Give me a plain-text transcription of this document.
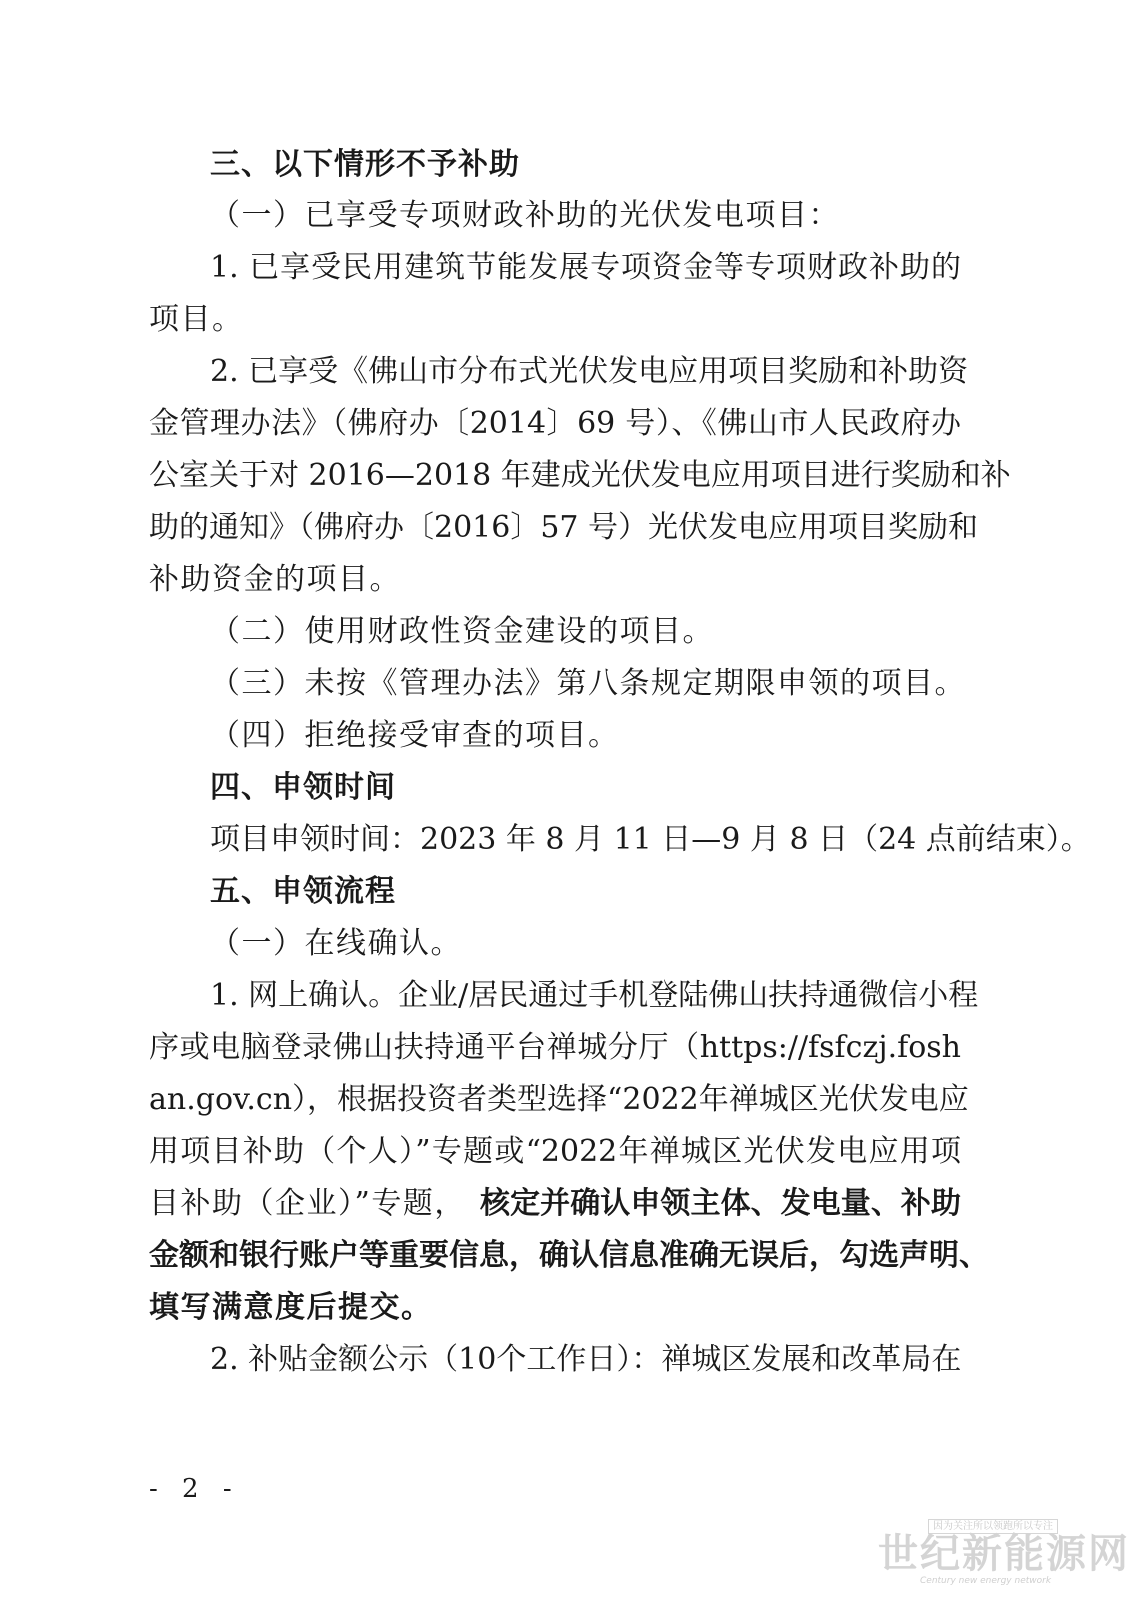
三、以下情形不予补助
（一）已享受专项财政补助的光伏发电项目：
1. 已享受民用建筑节能发展专项资金等专项财政补助的
项目。
2. 已享受《佛山市分布式光伏发电应用项目奖励和补助资
金管理办法》（佛府办〔2014〕69 号）、《佛山市人民政府办
公室关于对 2016—2018 年建成光伏发电应用项目进行奖励和补
助的通知》（佛府办〔2016〕57 号）光伏发电应用项目奖励和
补助资金的项目。
（二）使用财政性资金建设的项目。
（三）未按《管理办法》第八条规定期限申领的项目。
（四）拒绝接受审查的项目。
四、申领时间
项目申领时间：2023 年 8 月 11 日—9 月 8 日（24 点前结束）。
五、申领流程
（一）在线确认。
1. 网上确认。企业/居民通过手机登陆佛山扶持通微信小程
序或电脑登录佛山扶持通平台禅城分厅（https://fsfczj.fosh
an.gov.cn），根据投资者类型选择“2022年禅城区光伏发电应
用项目补助（个人）”专题或“2022年禅城区光伏发电应用项
目补助（企业）”专题， 核定并确认申领主体、发电量、补助
金额和银行账户等重要信息，确认信息准确无误后，勾选声明、
填写满意度后提交。
2. 补贴金额公示（10个工作日）：禅城区发展和改革局在
- 2 -
因为关注所以领跑所以专注
世纪新能源网
Century new energy network
